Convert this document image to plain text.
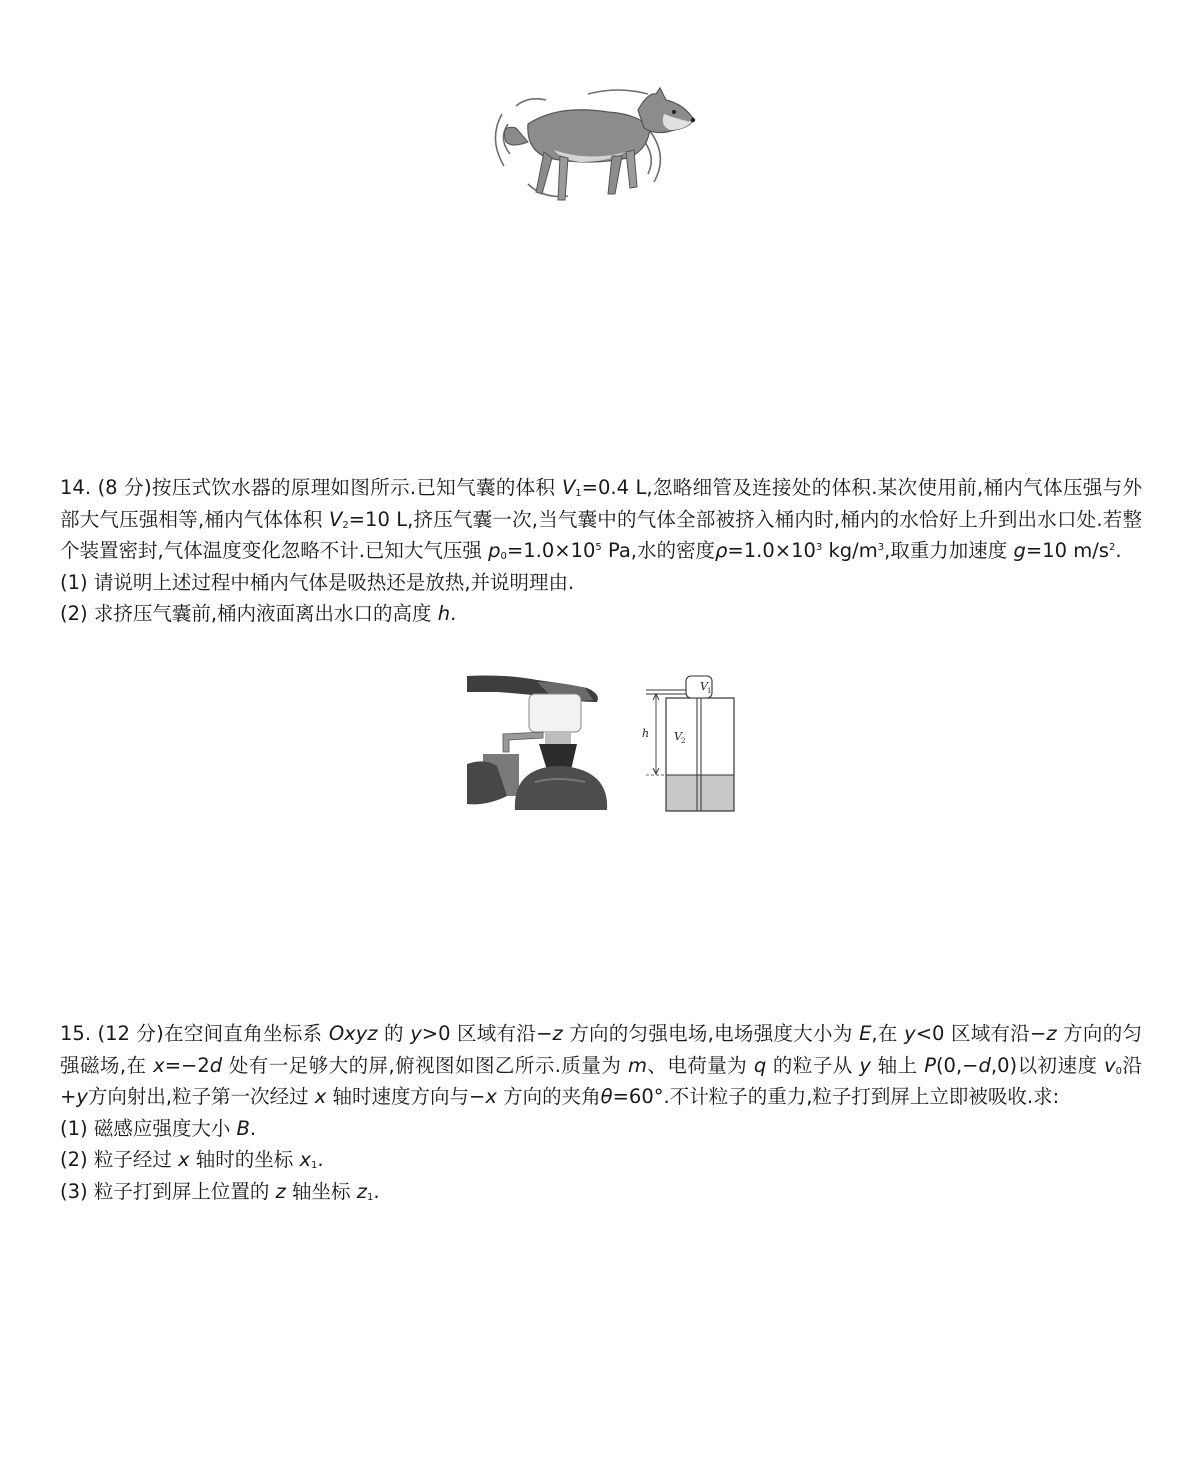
14. (8 分)按压式饮水器的原理如图所示.已知气囊的体积 $V_1=0.4$ L,忽略细管及连接处的体积.某次使用前,桶内气体压强与外部大气压强相等,桶内气体体积 $V_2=10$ L,挤压气囊一次,当气囊中的气体全部被挤入桶内时,桶内的水恰好上升到出水口处.若整个装置密封,气体温度变化忽略不计.已知大气压强 $p_0=1.0\times 10^5$ Pa,水的密度$\rho=1.0\times 10^3$ $kg/m^3$,取重力加速度 g=10 $m/s^2$.

(1) 请说明上述过程中桶内气体是吸热还是放热,并说明理由.

(2) 求挤压气囊前,桶内液面离出水口的高度 h.

h
V 1
V 2

15. (12 分)在空间直角坐标系 Oxyz 的 y>0 区域有沿−z 方向的匀强电场,电场强度大小为 E,在 y<0 区域有沿−z 方向的匀强磁场,在 x=−2d 处有一足够大的屏,俯视图如图乙所示.质量为 m、电荷量为 q 的粒子从 y 轴上 P(0,−d,0)以初速度 $v_0$沿+y方向射出,粒子第一次经过 x 轴时速度方向与−x 方向的夹角θ=60°.不计粒子的重力,粒子打到屏上立即被吸收.求:

(1) 磁感应强度大小 B.

(2) 粒子经过 x 轴时的坐标 $x_1$.

(3) 粒子打到屏上位置的 z 轴坐标 $z_1$.
